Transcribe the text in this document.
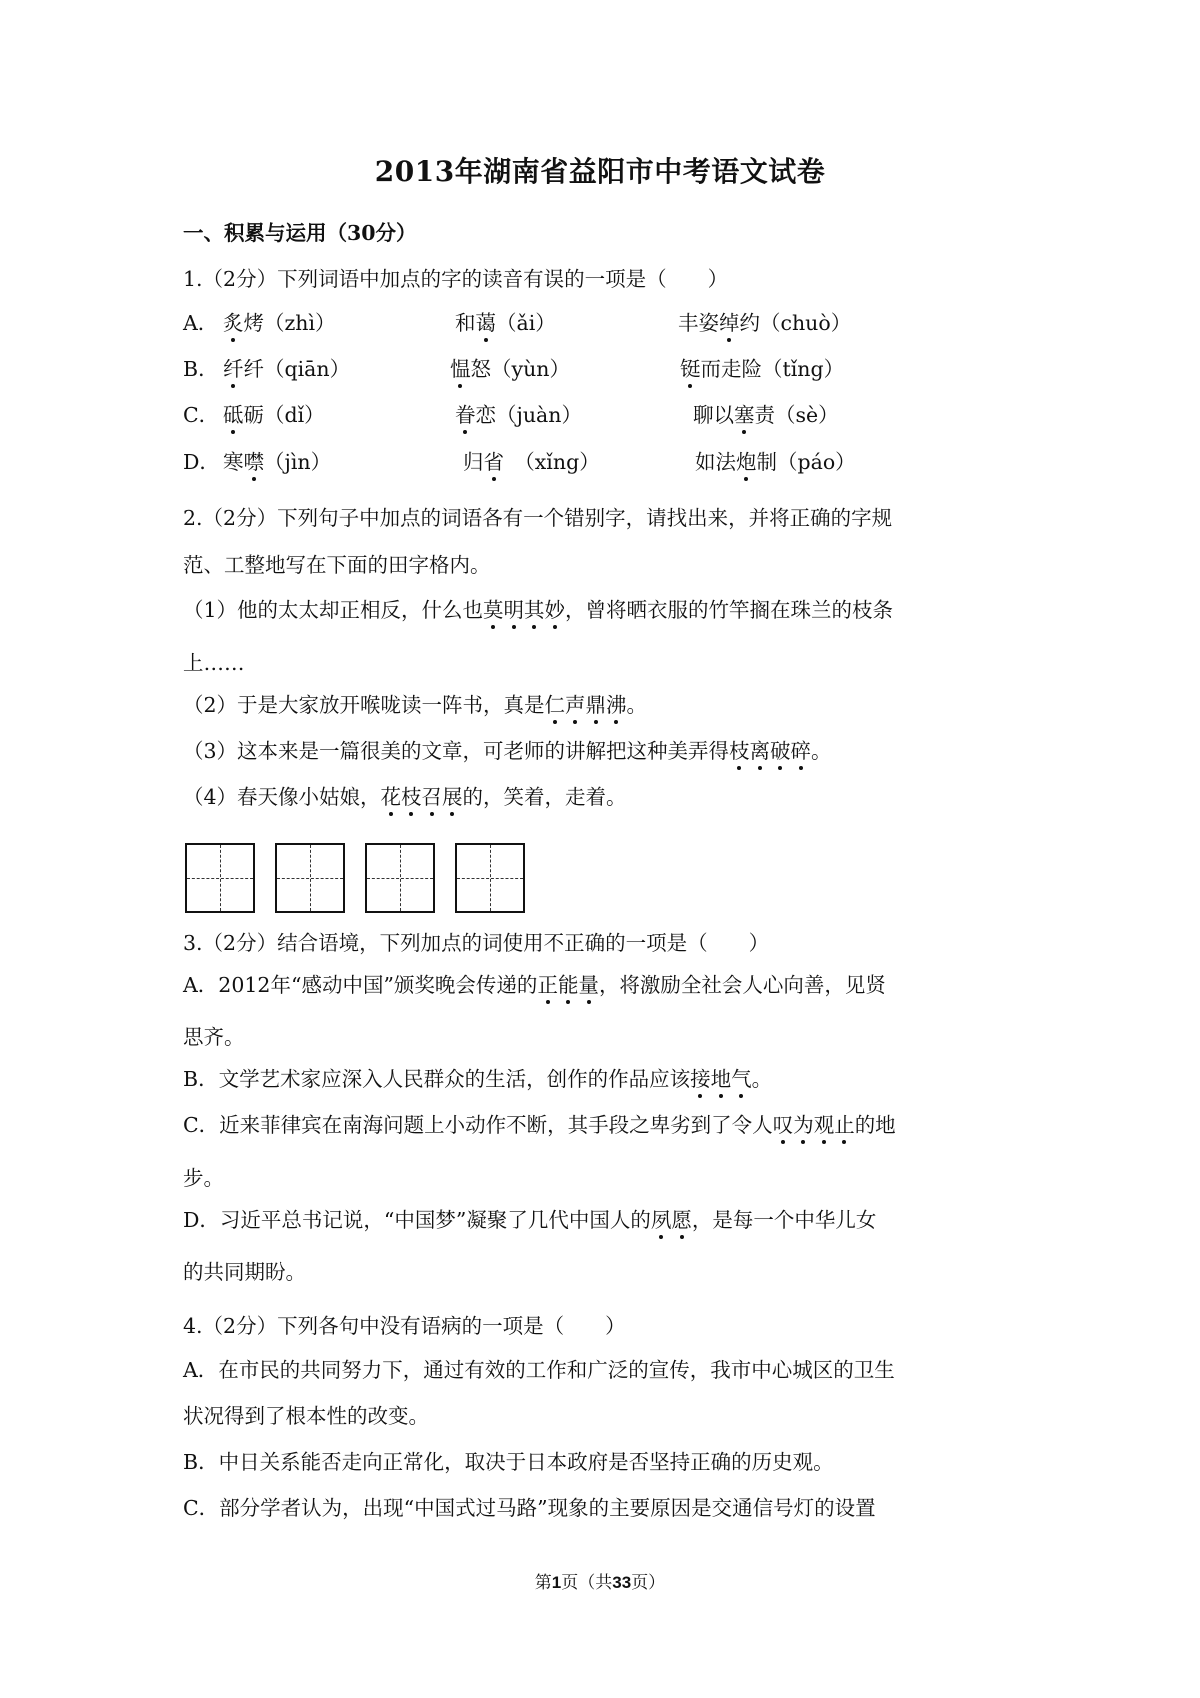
2013年湖南省益阳市中考语文试卷
一、积累与运用（30分）
1.（2分）下列词语中加点的字的读音有误的一项是（　　）
A． 炙烤（zhì）	和蔼（ǎi）	丰姿绰约（chuò）
B． 纤纤（qiān）	愠怒（yùn）	铤而走险（tǐng）
C． 砥砺（dǐ）	眷恋（juàn）	聊以塞责（sè）
D． 寒噤（jìn）	归省　（xǐng）	如法炮制（páo）
2.（2分）下列句子中加点的词语各有一个错别字，请找出来，并将正确的字规
范、工整地写在下面的田字格内。
（1）他的太太却正相反，什么也莫明其妙，曾将晒衣服的竹竿搁在珠兰的枝条
上……
（2）于是大家放开喉咙读一阵书，真是仁声鼎沸。
（3）这本来是一篇很美的文章，可老师的讲解把这种美弄得枝离破碎。
（4）春天像小姑娘，花枝召展的，笑着，走着。
3.（2分）结合语境，下列加点的词使用不正确的一项是（　　）
A．2012年“感动中国”颁奖晚会传递的正能量，将激励全社会人心向善，见贤
思齐。
B．文学艺术家应深入人民群众的生活，创作的作品应该接地气。
C．近来菲律宾在南海问题上小动作不断，其手段之卑劣到了令人叹为观止的地
步。
D．习近平总书记说，“中国梦”凝聚了几代中国人的夙愿，是每一个中华儿女
的共同期盼。
4.（2分）下列各句中没有语病的一项是（　　）
A．在市民的共同努力下，通过有效的工作和广泛的宣传，我市中心城区的卫生
状况得到了根本性的改变。
B．中日关系能否走向正常化，取决于日本政府是否坚持正确的历史观。
C．部分学者认为，出现“中国式过马路”现象的主要原因是交通信号灯的设置
第1页（共33页）
